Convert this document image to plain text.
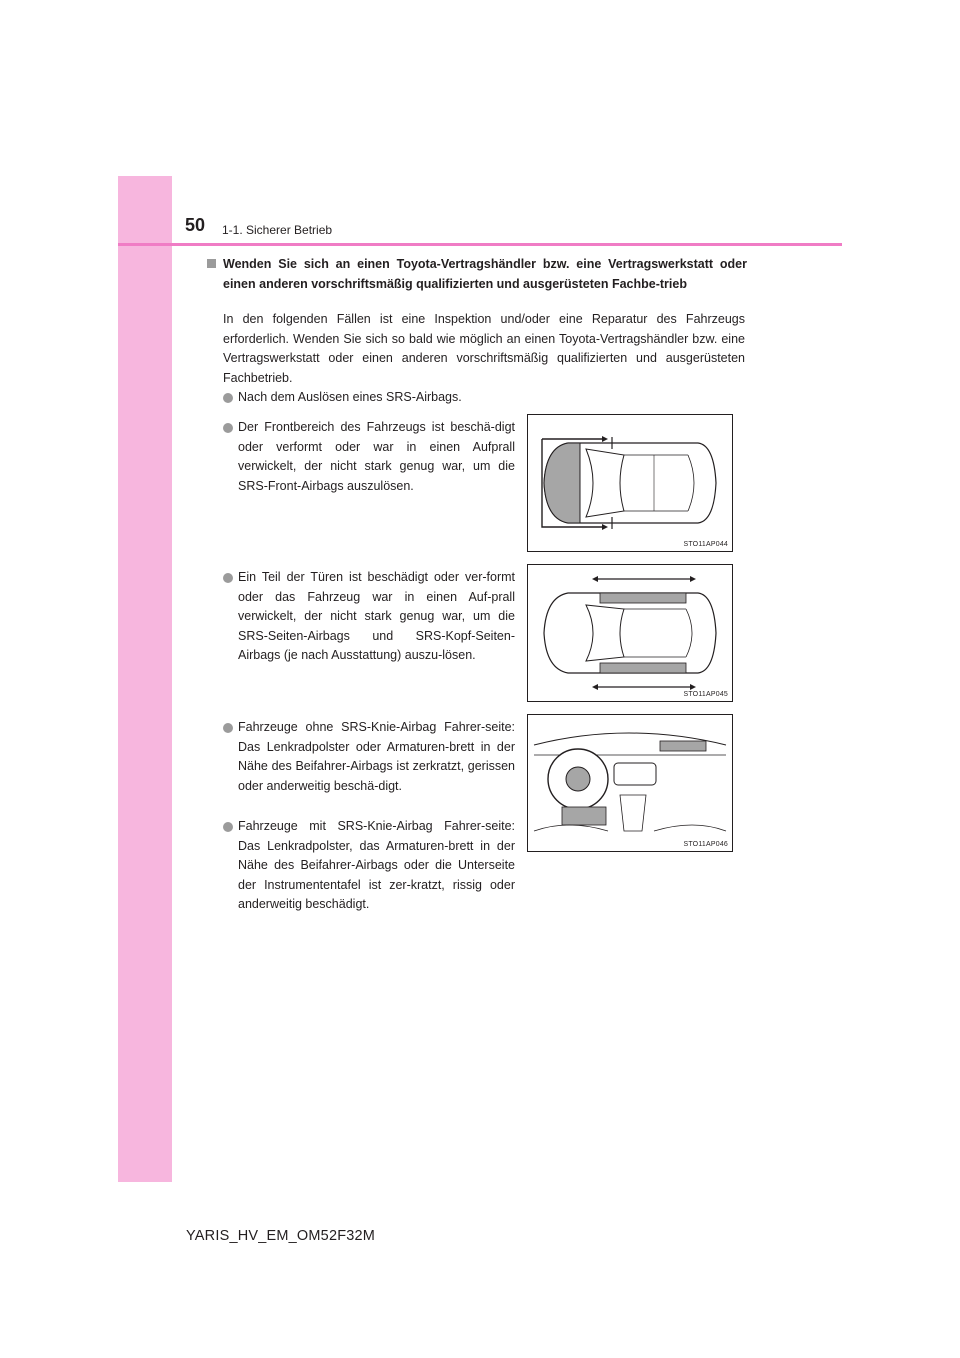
50 1-1. Sicherer Betrieb
Wenden Sie sich an einen Toyota-Vertragshändler bzw. eine Vertragswerkstatt oder einen anderen vorschriftsmäßig qualifizierten und ausgerüsteten Fachbe-trieb

In den folgenden Fällen ist eine Inspektion und/oder eine Reparatur des Fahrzeugs erforderlich. Wenden Sie sich so bald wie möglich an einen Toyota-Vertragshändler bzw. eine Vertragswerkstatt oder einen anderen vorschriftsmäßig qualifizierten und ausgerüsteten Fachbetrieb.

Nach dem Auslösen eines SRS-Airbags.
Der Frontbereich des Fahrzeugs ist beschä-digt oder verformt oder war in einen Aufprall verwickelt, der nicht stark genug war, um die SRS-Front-Airbags auszulösen.
Ein Teil der Türen ist beschädigt oder ver-formt oder das Fahrzeug war in einen Auf-prall verwickelt, der nicht stark genug war, um die SRS-Seiten-Airbags und SRS-Kopf-Seiten-Airbags (je nach Ausstattung) auszu-lösen.
Fahrzeuge ohne SRS-Knie-Airbag Fahrer-seite: Das Lenkradpolster oder Armaturen-brett in der Nähe des Beifahrer-Airbags ist zerkratzt, gerissen oder anderweitig beschä-digt.
Fahrzeuge mit SRS-Knie-Airbag Fahrer-seite: Das Lenkradpolster, das Armaturen-brett in der Nähe des Beifahrer-Airbags oder die Unterseite der Instrumententafel ist zer-kratzt, rissig oder anderweitig beschädigt.
STO11AP044
STO11AP045
STO11AP046
YARIS_HV_EM_OM52F32M
